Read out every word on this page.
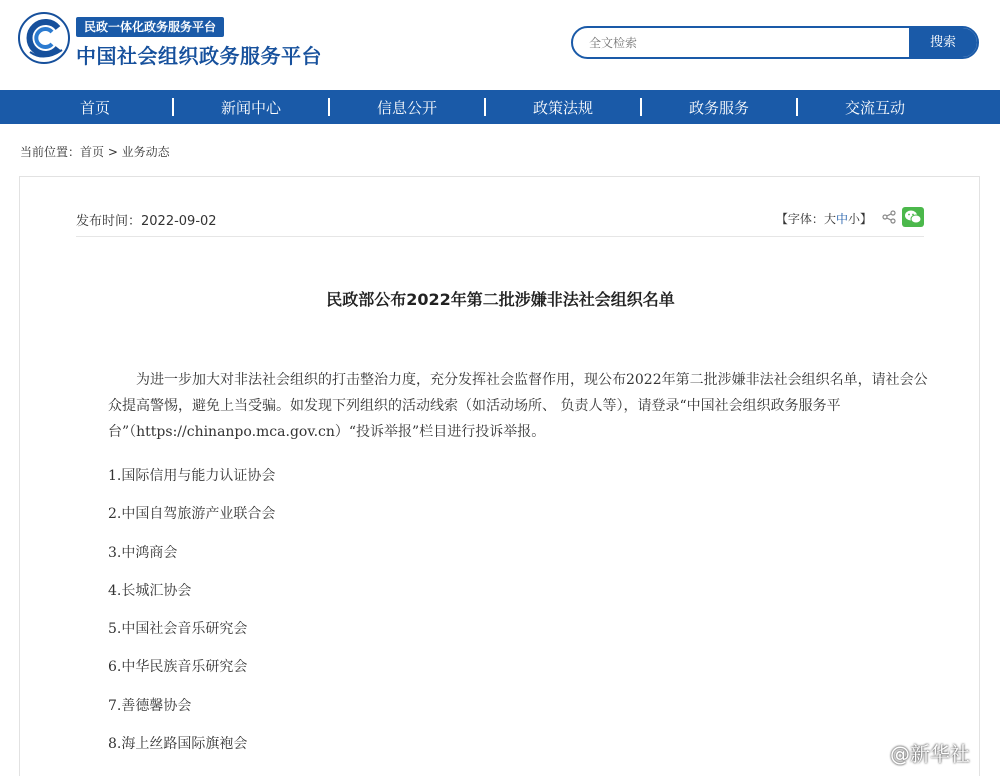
民政一体化政务服务平台
中国社会组织政务服务平台
全文检索
搜索
首页	新闻中心	信息公开	政策法规	政务服务	交流互动
当前位置：首页 > 业务动态
发布时间：2022-09-02	【字体：大中小】
民政部公布2022年第二批涉嫌非法社会组织名单
为进一步加大对非法社会组织的打击整治力度，充分发挥社会监督作用，现公布2022年第二批涉嫌非法社会组织名单，请社会公众提高警惕，避免上当受骗。如发现下列组织的活动线索（如活动场所、 负责人等），请登录“中国社会组织政务服务平台”（https://chinanpo.mca.gov.cn）“投诉举报”栏目进行投诉举报。
1.国际信用与能力认证协会
2.中国自驾旅游产业联合会
3.中鸿商会
4.长城汇协会
5.中国社会音乐研究会
6.中华民族音乐研究会
7.善德馨协会
8.海上丝路国际旗袍会	@新华社
